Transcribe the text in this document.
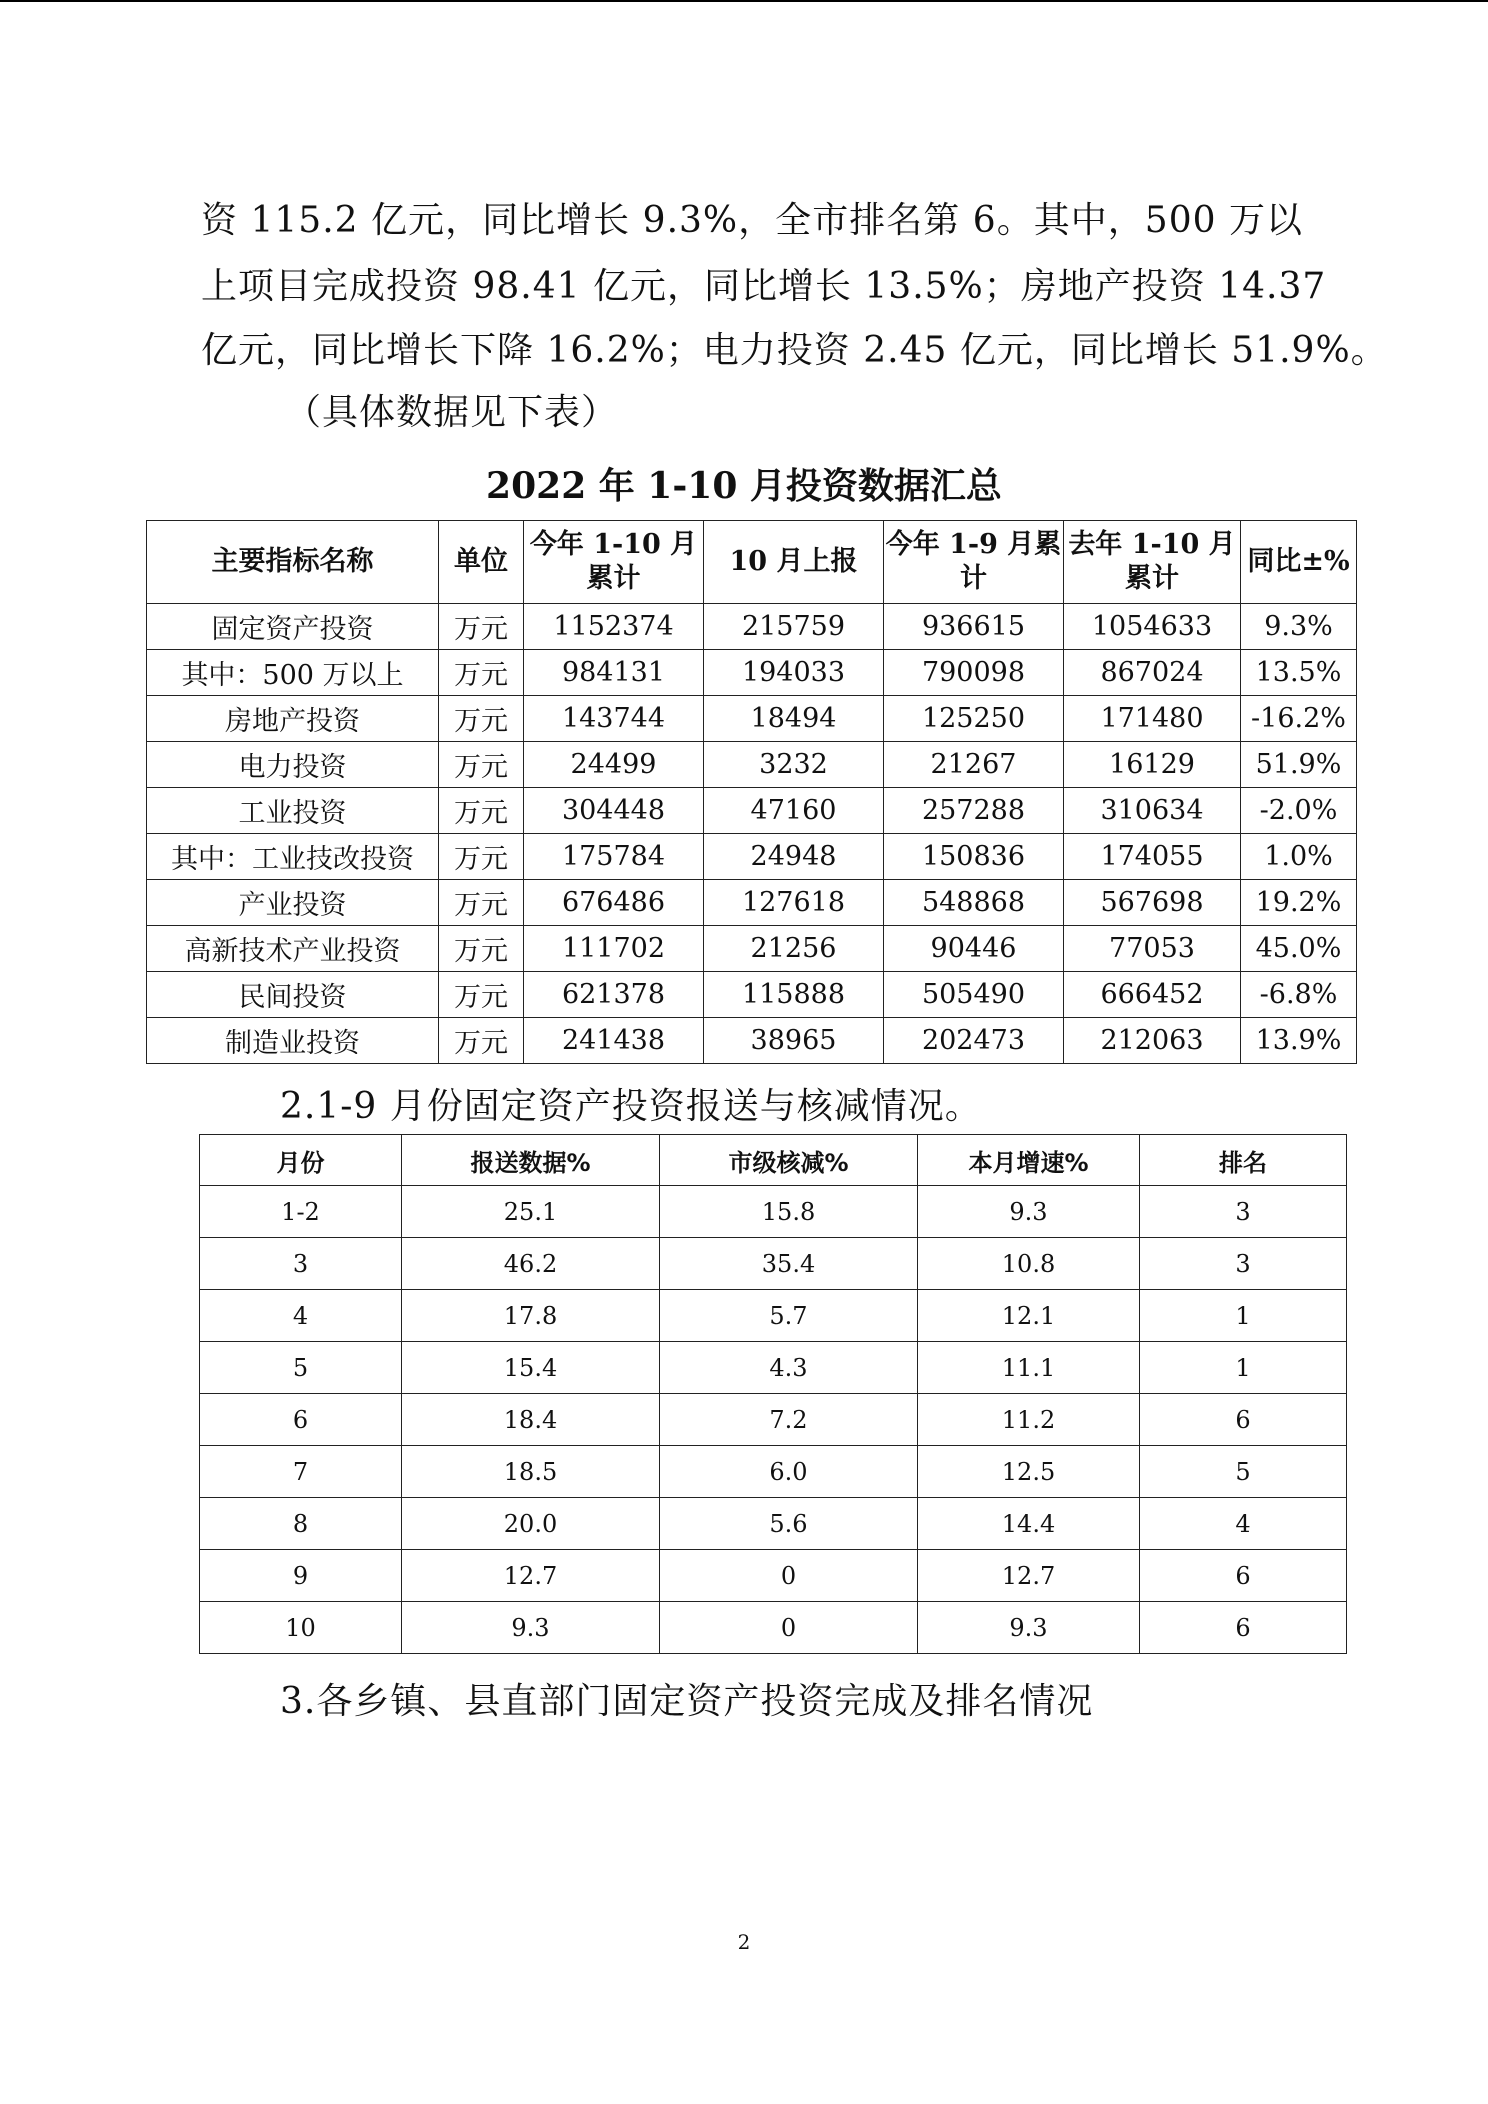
资 115.2 亿元，同比增长 9.3%，全市排名第 6。其中，500 万以
上项目完成投资 98.41 亿元，同比增长 13.5%；房地产投资 14.37
亿元，同比增长下降 16.2%；电力投资 2.45 亿元，同比增长 51.9%。
（具体数据见下表）
2022 年 1-10 月投资数据汇总
主要指标名称	单位	今年 1-10 月累计	10 月上报	今年 1-9 月累计	去年 1-10 月累计	同比±%
固定资产投资	万元	1152374	215759	936615	1054633	9.3%
其中：500 万以上	万元	984131	194033	790098	867024	13.5%
房地产投资	万元	143744	18494	125250	171480	-16.2%
电力投资	万元	24499	3232	21267	16129	51.9%
工业投资	万元	304448	47160	257288	310634	-2.0%
其中：工业技改投资	万元	175784	24948	150836	174055	1.0%
产业投资	万元	676486	127618	548868	567698	19.2%
高新技术产业投资	万元	111702	21256	90446	77053	45.0%
民间投资	万元	621378	115888	505490	666452	-6.8%
制造业投资	万元	241438	38965	202473	212063	13.9%
2.1-9 月份固定资产投资报送与核减情况。
月份	报送数据%	市级核减%	本月增速%	排名
1-2	25.1	15.8	9.3	3
3	46.2	35.4	10.8	3
4	17.8	5.7	12.1	1
5	15.4	4.3	11.1	1
6	18.4	7.2	11.2	6
7	18.5	6.0	12.5	5
8	20.0	5.6	14.4	4
9	12.7	0	12.7	6
10	9.3	0	9.3	6
3.各乡镇、县直部门固定资产投资完成及排名情况
2
